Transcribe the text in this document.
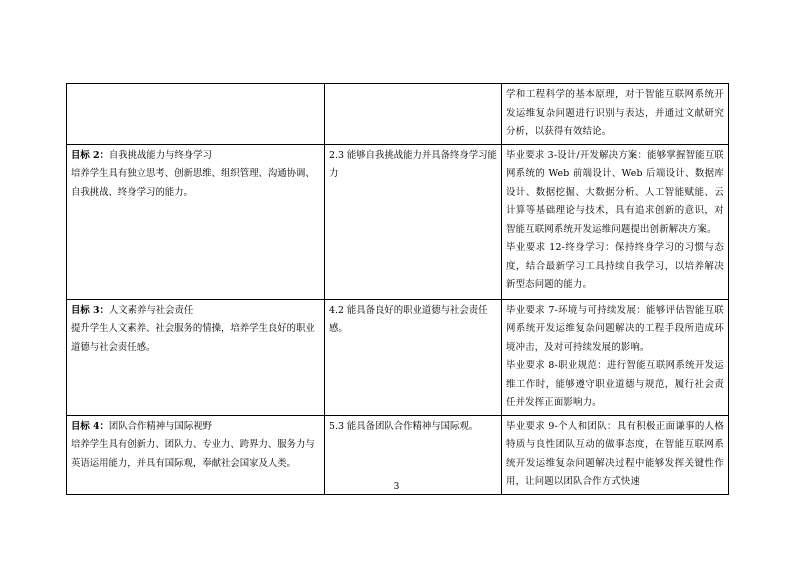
		学和工程科学的基本原理，对于智能互联网系统开发运维复杂问题进行识别与表达，并通过文献研究分析，以获得有效结论。

目标 2：自我挑战能力与终身学习
培养学生具有独立思考、创新思维、组织管理、沟通协调、自我挑战、终身学习的能力。	2.3 能够自我挑战能力并具备终身学习能力	毕业要求 3-设计/开发解决方案：能够掌握智能互联网系统的 Web 前端设计、Web 后端设计、数据库设计、数据挖掘、大数据分析、人工智能赋能、云计算等基础理论与技术，具有追求创新的意识，对智能互联网系统开发运维问题提出创新解决方案。
毕业要求 12-终身学习：保持终身学习的习惯与态度，结合最新学习工具持续自我学习，以培养解决新型态问题的能力。

目标 3：人文素养与社会责任
提升学生人文素养、社会服务的情操，培养学生良好的职业道德与社会责任感。	4.2 能具备良好的职业道德与社会责任感。	毕业要求 7-环境与可持续发展：能够评估智能互联网系统开发运维复杂问题解决的工程手段所造成环境冲击，及对可持续发展的影响。
毕业要求 8-职业规范：进行智能互联网系统开发运维工作时，能够遵守职业道德与规范，履行社会责任并发挥正面影响力。

目标 4：团队合作精神与国际视野
培养学生具有创新力、团队力、专业力、跨界力、服务力与英语运用能力，并具有国际观，奉献社会国家及人类。	5.3 能具备团队合作精神与国际观。	毕业要求 9-个人和团队：具有积极正面谦事的人格特质与良性团队互动的做事态度，在智能互联网系统开发运维复杂问题解决过程中能够发挥关键性作用，让问题以团队合作方式快速
3
